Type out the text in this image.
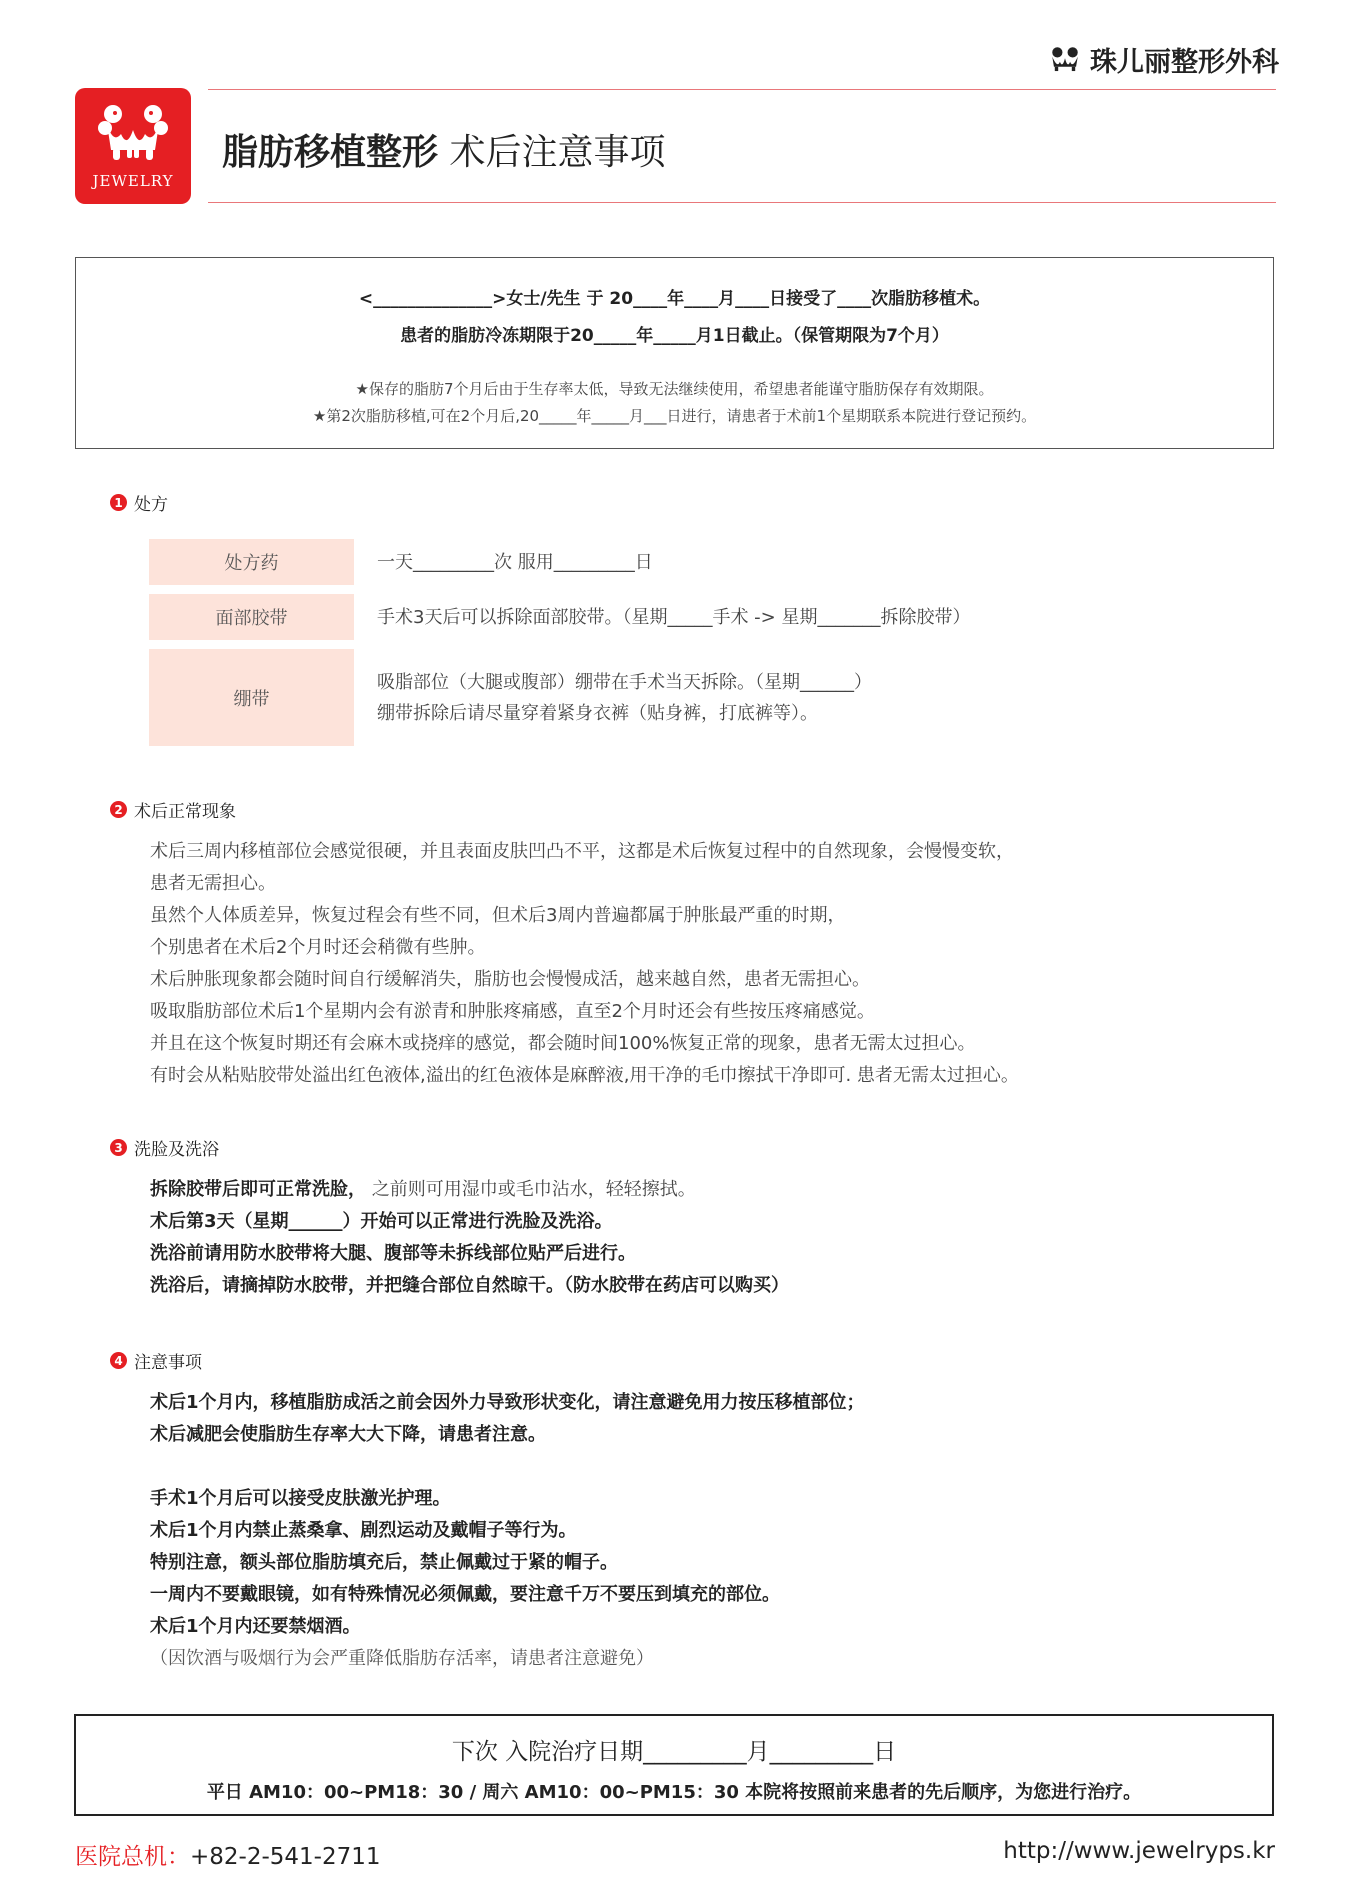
珠儿丽整形外科
JEWELRY
脂肪移植整形 术后注意事项
<______________>女士/先生 于 20____年____月____日接受了____次脂肪移植术。
患者的脂肪冷冻期限于20_____年_____月1日截止。（保管期限为7个月）
★保存的脂肪7个月后由于生存率太低，导致无法继续使用，希望患者能谨守脂肪保存有效期限。
★第2次脂肪移植,可在2个月后,20_____年_____月___日进行，请患者于术前1个星期联系本院进行登记预约。
1 处方
处方药	一天_________次 服用_________日
面部胶带	手术3天后可以拆除面部胶带。（星期_____手术 -> 星期_______拆除胶带）
绷带
吸脂部位（大腿或腹部）绷带在手术当天拆除。（星期______）
绷带拆除后请尽量穿着紧身衣裤（贴身裤，打底裤等）。
2 术后正常现象
术后三周内移植部位会感觉很硬，并且表面皮肤凹凸不平，这都是术后恢复过程中的自然现象，会慢慢变软，
患者无需担心。
虽然个人体质差异，恢复过程会有些不同，但术后3周内普遍都属于肿胀最严重的时期，
个别患者在术后2个月时还会稍微有些肿。
术后肿胀现象都会随时间自行缓解消失，脂肪也会慢慢成活，越来越自然，患者无需担心。
吸取脂肪部位术后1个星期内会有淤青和肿胀疼痛感，直至2个月时还会有些按压疼痛感觉。
并且在这个恢复时期还有会麻木或挠痒的感觉，都会随时间100%恢复正常的现象，患者无需太过担心。
有时会从粘贴胶带处溢出红色液体,溢出的红色液体是麻醉液,用干净的毛巾擦拭干净即可. 患者无需太过担心。
3 洗脸及洗浴
拆除胶带后即可正常洗脸， 之前则可用湿巾或毛巾沾水，轻轻擦拭。
术后第3天（星期______）开始可以正常进行洗脸及洗浴。
洗浴前请用防水胶带将大腿、腹部等未拆线部位贴严后进行。
洗浴后，请摘掉防水胶带，并把缝合部位自然晾干。（防水胶带在药店可以购买）
4 注意事项
术后1个月内，移植脂肪成活之前会因外力导致形状变化，请注意避免用力按压移植部位；
术后减肥会使脂肪生存率大大下降，请患者注意。
手术1个月后可以接受皮肤激光护理。
术后1个月内禁止蒸桑拿、剧烈运动及戴帽子等行为。
特别注意，额头部位脂肪填充后，禁止佩戴过于紧的帽子。
一周内不要戴眼镜，如有特殊情况必须佩戴，要注意千万不要压到填充的部位。
术后1个月内还要禁烟酒。
（因饮酒与吸烟行为会严重降低脂肪存活率，请患者注意避免）
下次 入院治疗日期_________月_________日
平日 AM10：00~PM18：30 / 周六 AM10：00~PM15：30 本院将按照前来患者的先后顺序，为您进行治疗。
医院总机：+82-2-541-2711	http://www.jewelryps.kr
